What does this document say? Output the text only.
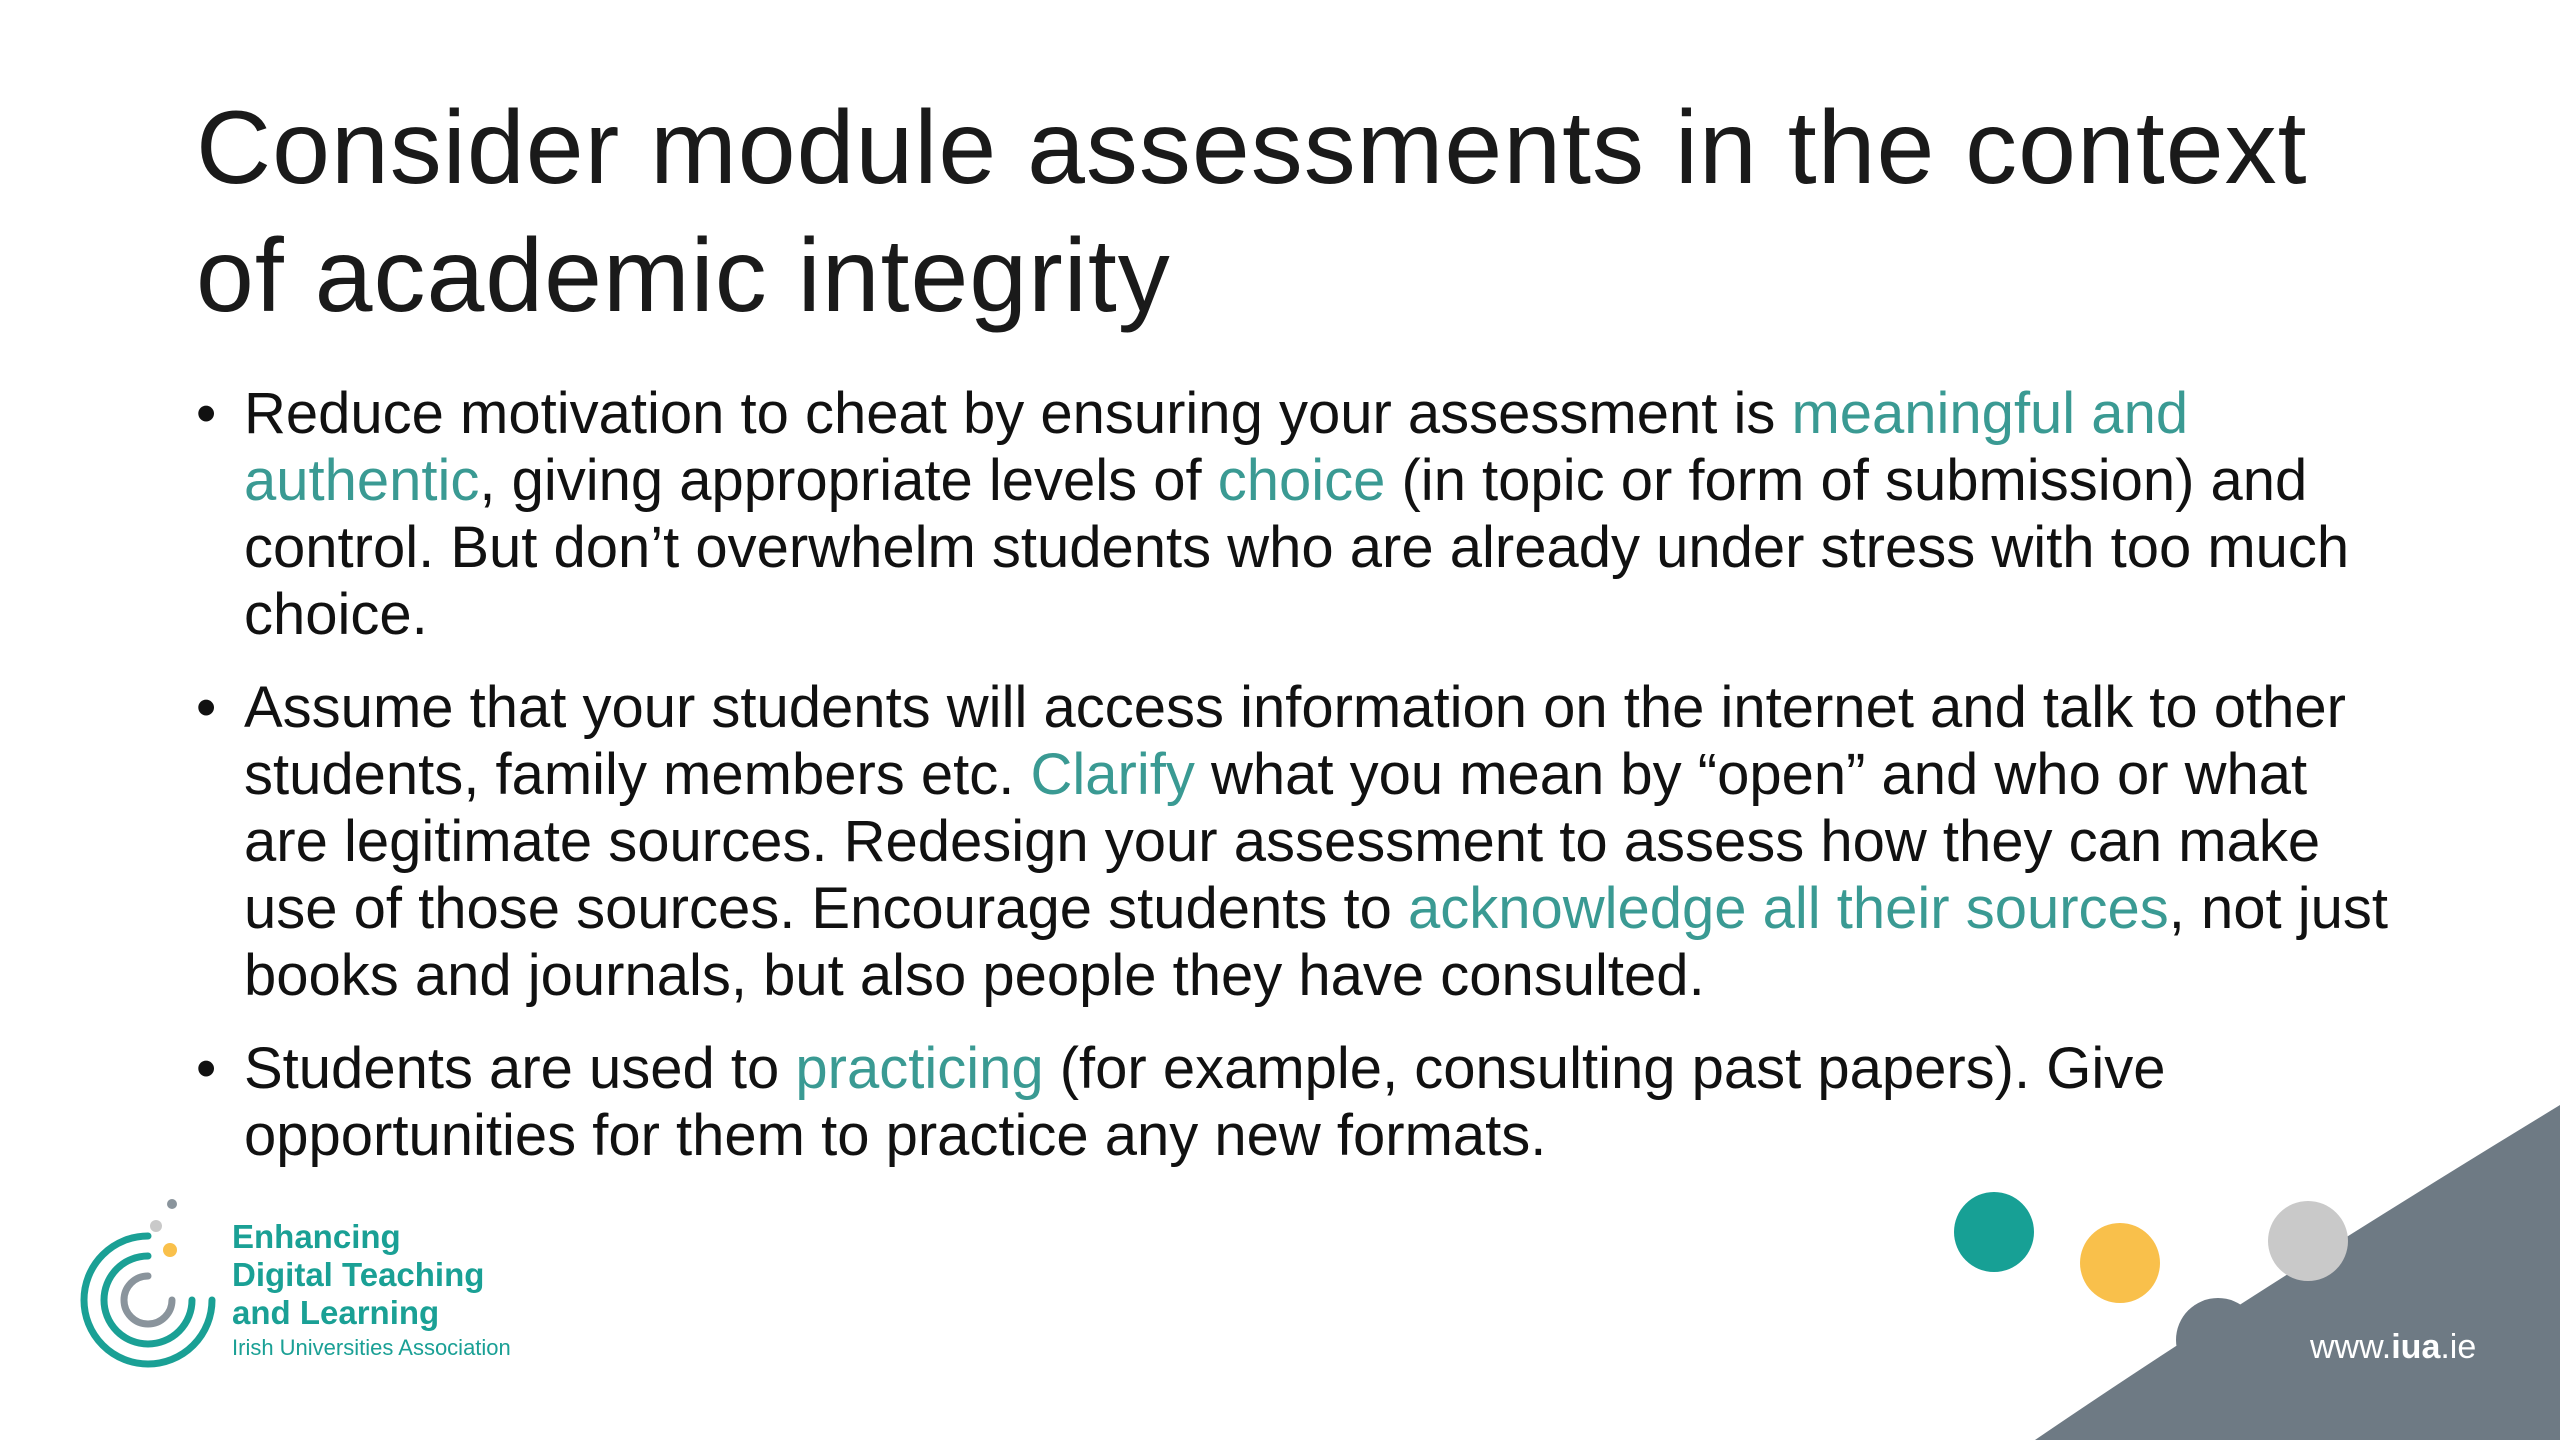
Consider module assessments in the context of academic integrity
• Reduce motivation to cheat by ensuring your assessment is meaningful and authentic, giving appropriate levels of choice (in topic or form of submission) and control. But don’t overwhelm students who are already under stress with too much choice.
• Assume that your students will access information on the internet and talk to other students, family members etc. Clarify what you mean by “open” and who or what are legitimate sources. Redesign your assessment to assess how they can make use of those sources. Encourage students to acknowledge all their sources, not just books and journals, but also people they have consulted.
• Students are used to practicing (for example, consulting past papers). Give opportunities for them to practice any new formats.
Enhancing
Digital Teaching
and Learning
Irish Universities Association	www.iua.ie
